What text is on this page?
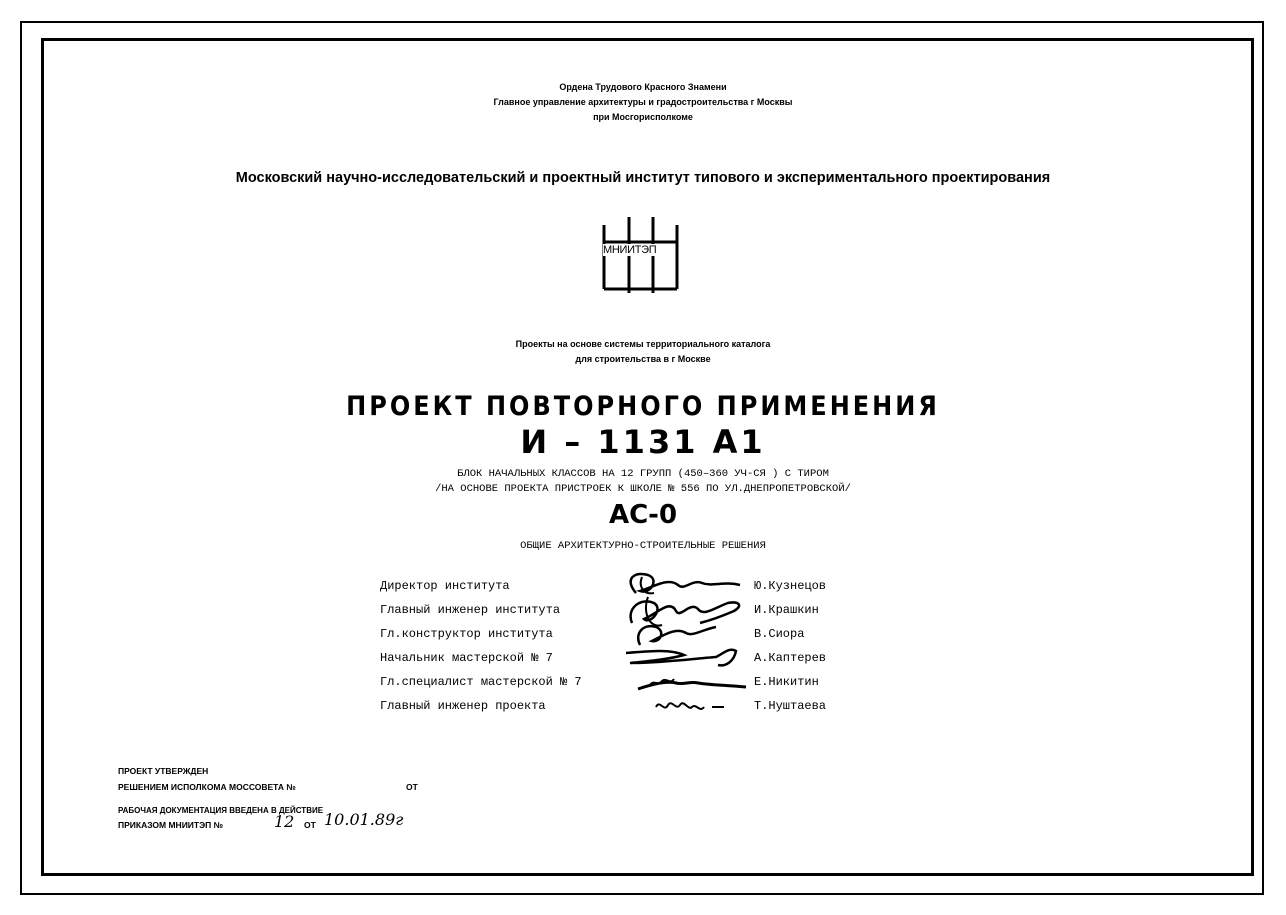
Ордена Трудового Красного Знамени
Главное управление архитектуры и градостроительства г Москвы
при Мосгорисполкоме
Московский научно-исследовательский и проектный институт типового и экспериментального проектирования
МНИИТЭП
Проекты на основе системы территориального каталога
для строительства в г Москве
ПРОЕКТ ПОВТОРНОГО ПРИМЕНЕНИЯ
И – 1131 А1
БЛОК НАЧАЛЬНЫХ КЛАССОВ НА 12 ГРУПП (450–360 УЧ-СЯ ) С ТИРОМ
/НА ОСНОВЕ ПРОЕКТА ПРИСТРОЕК К ШКОЛЕ № 556 ПО УЛ.ДНЕПРОПЕТРОВСКОЙ/
АС-0
ОБЩИЕ АРХИТЕКТУРНО-СТРОИТЕЛЬНЫЕ РЕШЕНИЯ
Директор института	Ю.Кузнецов
Главный инженер института	И.Крашкин
Гл.конструктор института	В.Сиора
Начальник мастерской № 7	А.Каптерев
Гл.специалист мастерской № 7	Е.Никитин
Главный инженер проекта	Т.Нуштаева
ПРОЕКТ УТВЕРЖДЕН
РЕШЕНИЕМ ИСПОЛКОМА МОССОВЕТА №	ОТ
РАБОЧАЯ ДОКУМЕНТАЦИЯ ВВЕДЕНА В ДЕЙСТВИЕ
ПРИКАЗОМ МНИИТЭП №	12 ОТ 10.01.89г
